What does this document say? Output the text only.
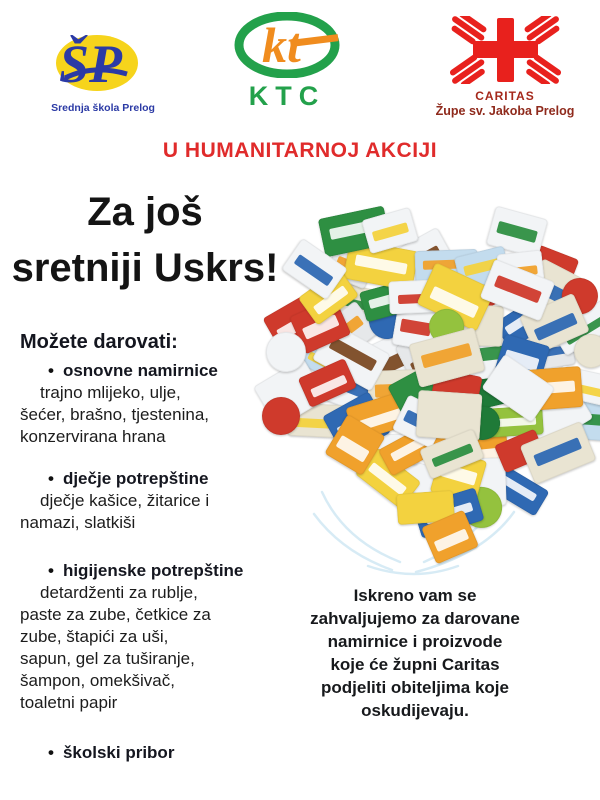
ŠP
Srednja škola Prelog
kt
KTC	CARITAS
Župe sv. Jakoba Prelog
U HUMANITARNOJ AKCIJI
Za još
sretniji Uskrs!
Možete darovati:
• osnovne namirnice

trajno mlijeko, ulje, šećer, brašno, tjestenina, konzervirana hrana

• dječje potrepštine

dječje kašice, žitarice i namazi, slatkiši

• higijenske potrepštine

detardženti za rublje, paste za zube, četkice za zube, štapići za uši, sapun, gel za tuširanje, šampon, omekšivač, toaletni papir

• školski pribor
Iskreno vam se
zahvaljujemo za darovane
namirnice i proizvode
koje će župni Caritas
podjeliti obiteljima koje
oskudijevaju.
